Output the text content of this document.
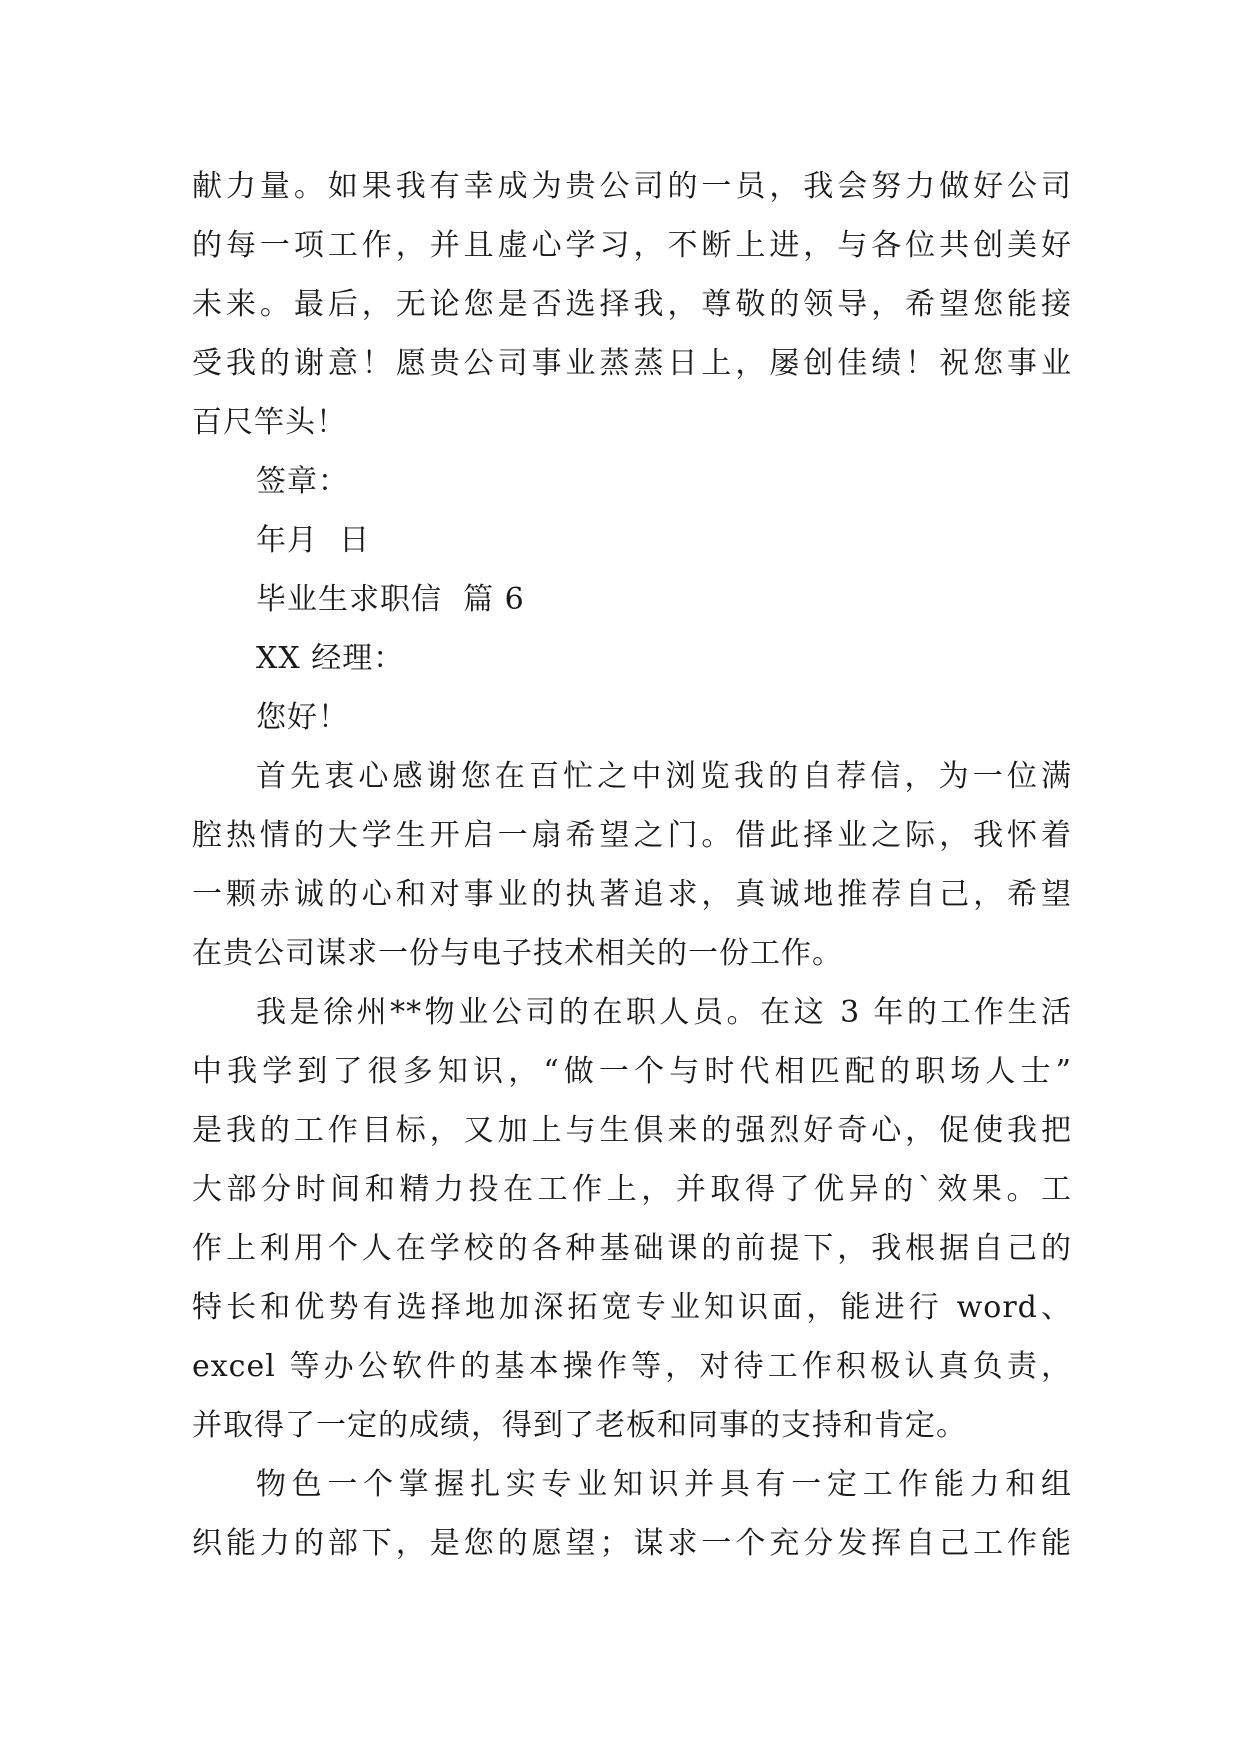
献力量。如果我有幸成为贵公司的一员，我会努力做好公司
的每一项工作，并且虚心学习，不断上进，与各位共创美好
未来。最后，无论您是否选择我，尊敬的领导，希望您能接
受我的谢意！愿贵公司事业蒸蒸日上，屡创佳绩！祝您事业
百尺竿头！
签章：
年月  日
毕业生求职信  篇 6
XX 经理：
您好！
首先衷心感谢您在百忙之中浏览我的自荐信，为一位满
腔热情的大学生开启一扇希望之门。借此择业之际，我怀着
一颗赤诚的心和对事业的执著追求，真诚地推荐自己，希望
在贵公司谋求一份与电子技术相关的一份工作。
我是徐州**物业公司的在职人员。在这 3 年的工作生活
中我学到了很多知识，“做一个与时代相匹配的职场人士”
是我的工作目标，又加上与生俱来的强烈好奇心，促使我把
大部分时间和精力投在工作上，并取得了优异的`效果。工
作上利用个人在学校的各种基础课的前提下，我根据自己的
特长和优势有选择地加深拓宽专业知识面，能进行 word、
excel 等办公软件的基本操作等，对待工作积极认真负责，
并取得了一定的成绩，得到了老板和同事的支持和肯定。
物色一个掌握扎实专业知识并具有一定工作能力和组
织能力的部下，是您的愿望；谋求一个充分发挥自己工作能
